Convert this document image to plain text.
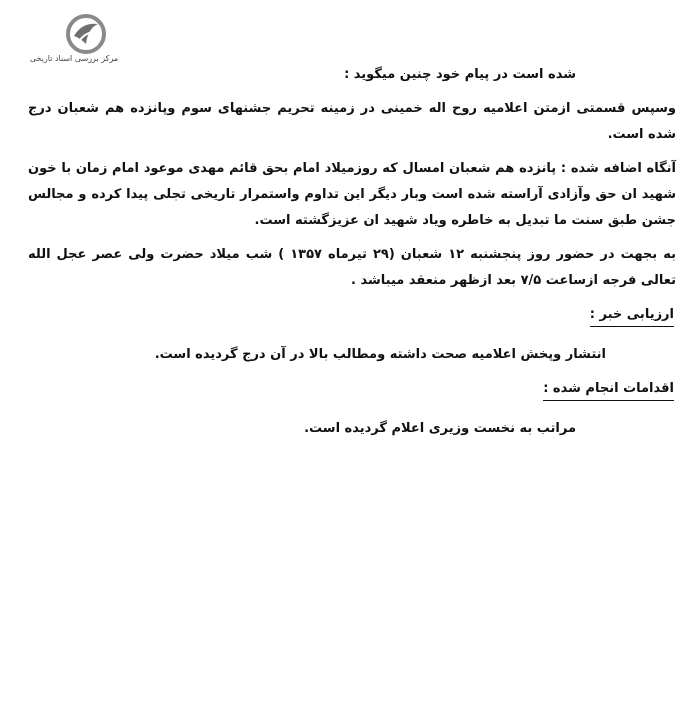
مرکز بررسی اسناد تاریخی

شده است در پیام خود چنین میگوید :

وسپس قسمتی ازمتن اعلامیه روح اله خمینی در زمینه تحریم جشنهای سوم وپانزده هم شعبان درج شده است.

آنگاه اضافه شده : پانزده هم شعبان امسال که روزمیلاد امام بحق قائم مهدی موعود امام زمان با خون شهید ان حق وآزادی آراسته شده است وبار دیگر این تداوم واستمرار تاریخی تجلی پیدا کرده و مجالس جشن طبق سنت ما تبدیل به خاطره ویاد شهید ان عزیزگشته است.

به بجهت در حضور روز پنجشنبه ۱۲ شعبان (۲۹ تیرماه ۱۳۵۷ ) شب میلاد حضرت ولی عصر عجل الله تعالی فرجه ازساعت ۷/۵ بعد ازظهر منعقد میباشد .

ارزیابی خبر :

انتشار وپخش اعلامیه صحت داشته ومطالب بالا در آن درج گردیده است.

اقدامات انجام شده :

مراتب به نخست وزیری اعلام گردیده است.
